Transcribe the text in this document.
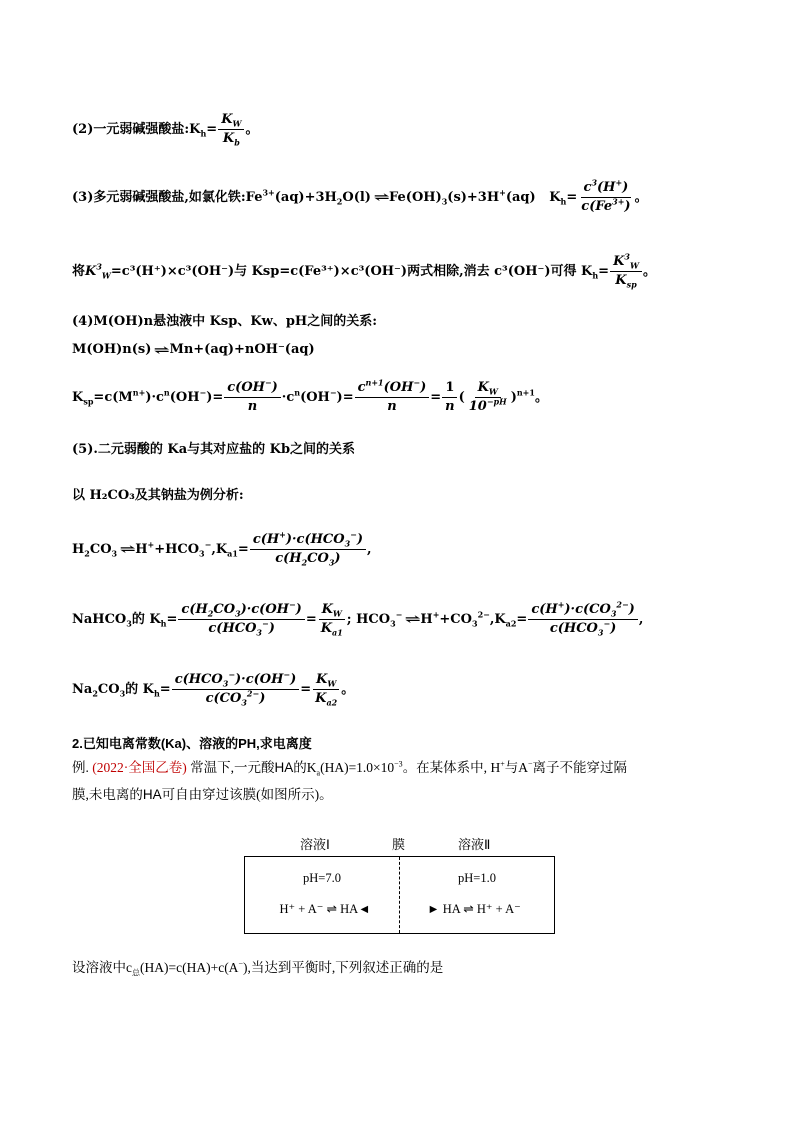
(2)一元弱碱强酸盐$:K_h= \frac{K_W}{K_b}$ 。
(3)多元弱碱强酸盐,如氯化铁$:Fe^{3+}(aq)+3H_2O(l)$ ⇌ $Fe(OH)_3(s)+3H^+(aq)$   $K_h= \frac{c^3(H^+)}{c(Fe^{3+})}$ 。
将 $K^3_W =c^3(H^+)\times c^3(OH^-)$与 Ksp=c(Fe³⁺)×c³(OH⁻)两式相除,消去 c³(OH⁻)可得 K $_h= \frac{K^3_W}{K_{sp}}$ 。
(4)M(OH)n悬浊液中 Ksp、Kw、pH之间的关系:
M(OH)n(s) ⇌ Mn+(aq)+nOH⁻(aq)
$K_{sp}=c(M^{n+})\cdot c^n(OH^-)= \frac{c(OH^-)}{n} \cdot c^n(OH^-)= \frac{c^{n+1}(OH^-)}{n} = \frac{1}{n}$ ( $\frac{K_W}{10^{-pH}} )^{n+1}$。
(5).二元弱酸的 Ka与其对应盐的 Kb之间的关系
以 H₂CO₃及其钠盐为例分析:
$H_2CO_3$ ⇌ $H^++HCO_3^-,K_{a1}= \frac{c(H^+)\cdot c(HCO_3^-)}{c(H_2CO_3)}$ ,
NaHCO$_3$的 $K_h= \frac{c(H_2CO_3)\cdot c(OH^-)}{c(HCO_3^-)} = \frac{K_W}{K_{a1}}$ ; $HCO_3^-$ ⇌ $H^++CO_3^{2-},K_{a2}= \frac{c(H^+)\cdot c(CO_3^{2-})}{c(HCO_3^-)}$ ,
$Na_2CO_3$的 $K_h= \frac{c(HCO_3^-)\cdot c(OH^-)}{c(CO_3^{2-})} = \frac{K_W}{K_{a2}}$ 。
2.已知电离常数(Ka)、溶液的PH,求电离度
例. (2022·全国乙卷) 常温下,一元酸HA的$K_a(HA)=1.0\times 10^{-3}$。在某体系中, H+与A−离子不能穿过隔
膜,未电离的HA可自由穿过该膜(如图所示)。
溶液Ⅰ	膜	溶液Ⅱ
pH=7.0	pH=1.0
H⁺ + A⁻ ⇌ HA◄	► HA ⇌ H⁺ + A⁻
设溶液中$c_总(HA)=c(HA)+c(A^-)$,当达到平衡时,下列叙述正确的是
